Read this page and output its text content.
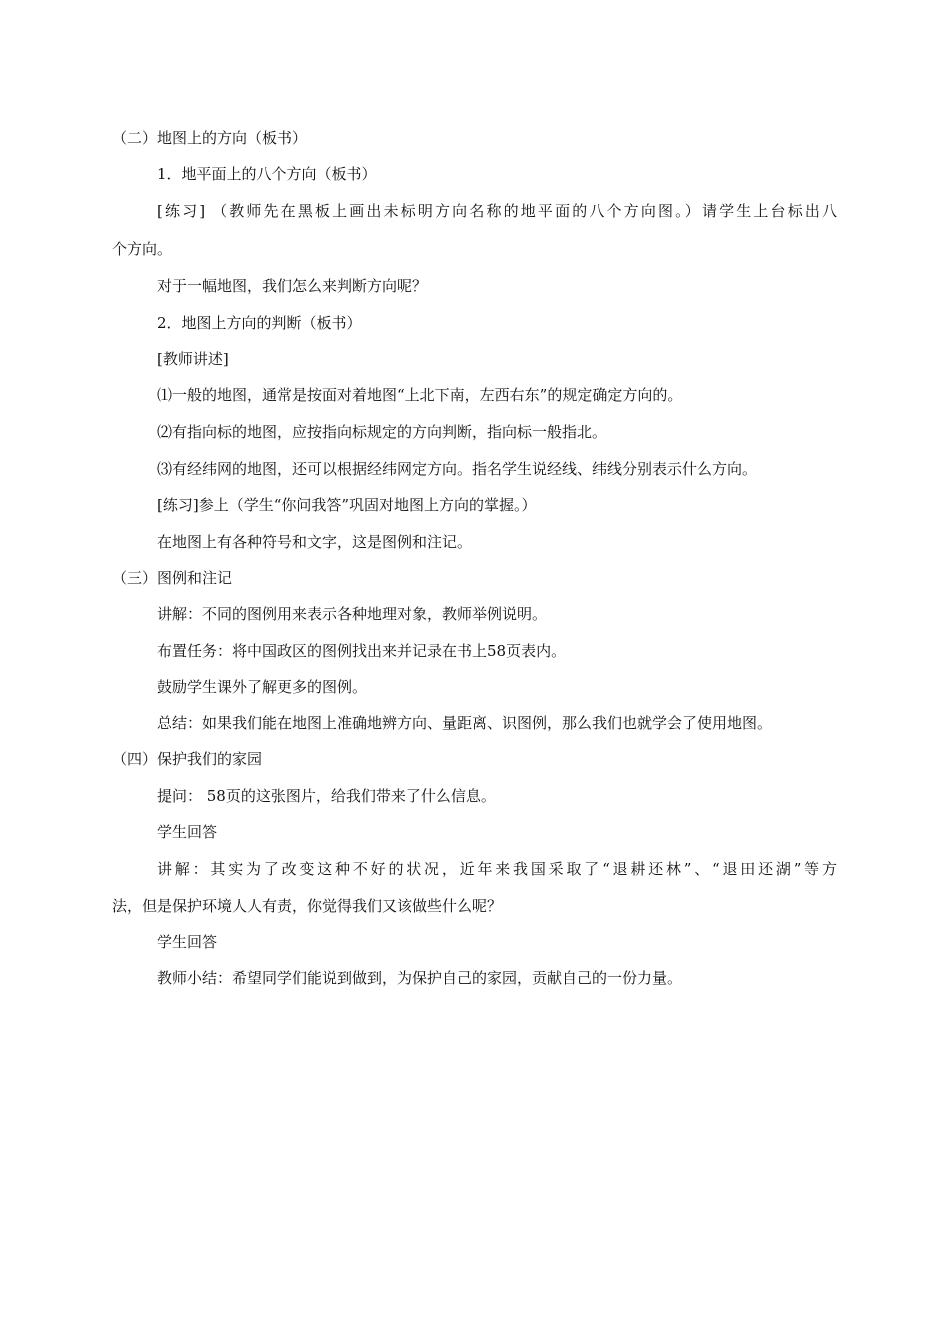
（二）地图上的方向（板书）
1．地平面上的八个方向（板书）
[练习] （教师先在黑板上画出未标明方向名称的地平面的八个方向图。）请学生上台标出八
个方向。
对于一幅地图，我们怎么来判断方向呢？
2．地图上方向的判断（板书）
[教师讲述]
⑴一般的地图，通常是按面对着地图“上北下南，左西右东”的规定确定方向的。
⑵有指向标的地图，应按指向标规定的方向判断，指向标一般指北。
⑶有经纬网的地图，还可以根据经纬网定方向。指名学生说经线、纬线分别表示什么方向。
[练习]参上（学生“你问我答”巩固对地图上方向的掌握。）
在地图上有各种符号和文字，这是图例和注记。
（三）图例和注记
讲解：不同的图例用来表示各种地理对象，教师举例说明。
布置任务：将中国政区的图例找出来并记录在书上58页表内。
鼓励学生课外了解更多的图例。
总结：如果我们能在地图上准确地辨方向、量距离、识图例，那么我们也就学会了使用地图。
（四）保护我们的家园
提问： 58页的这张图片，给我们带来了什么信息。
学生回答
讲解：其实为了改变这种不好的状况，近年来我国采取了“退耕还林”、“退田还湖”等方
法，但是保护环境人人有责，你觉得我们又该做些什么呢？
学生回答
教师小结：希望同学们能说到做到，为保护自己的家园，贡献自己的一份力量。
